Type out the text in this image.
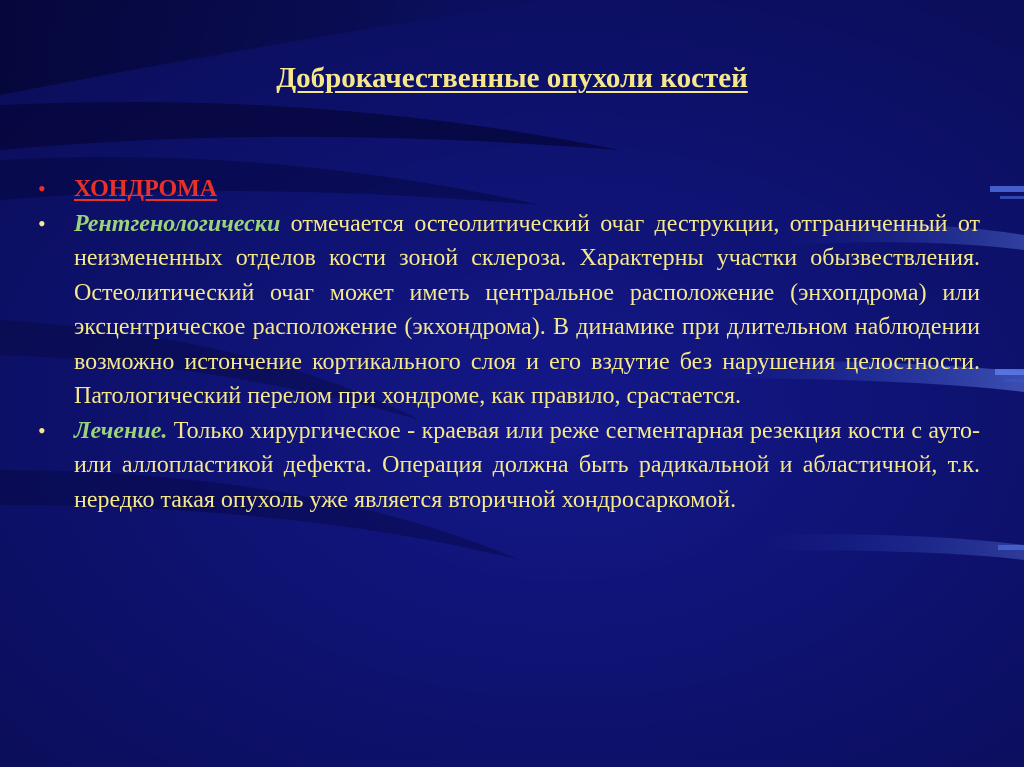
Доброкачественные опухоли костей

• ХОНДРОМА

• Рентгенологически отмечается остеолитический очаг деструкции, отграниченный от неизмененных отделов кости зоной склероза. Характерны участки обызвествления. Остеолитический очаг может иметь центральное расположение (энхопдрома) или эксцентрическое расположение (экхондрома). В динамике при длительном наблюдении возможно истончение кортикального слоя и его вздутие без нарушения целостности. Патологический перелом при хондроме, как правило, срастается.

• Лечение. Только хирургическое - краевая или реже сегментарная резекция кости с ауто- или аллопластикой дефекта. Операция должна быть радикальной и абластичной, т.к. нередко такая опухоль уже является вторичной хондросаркомой.
